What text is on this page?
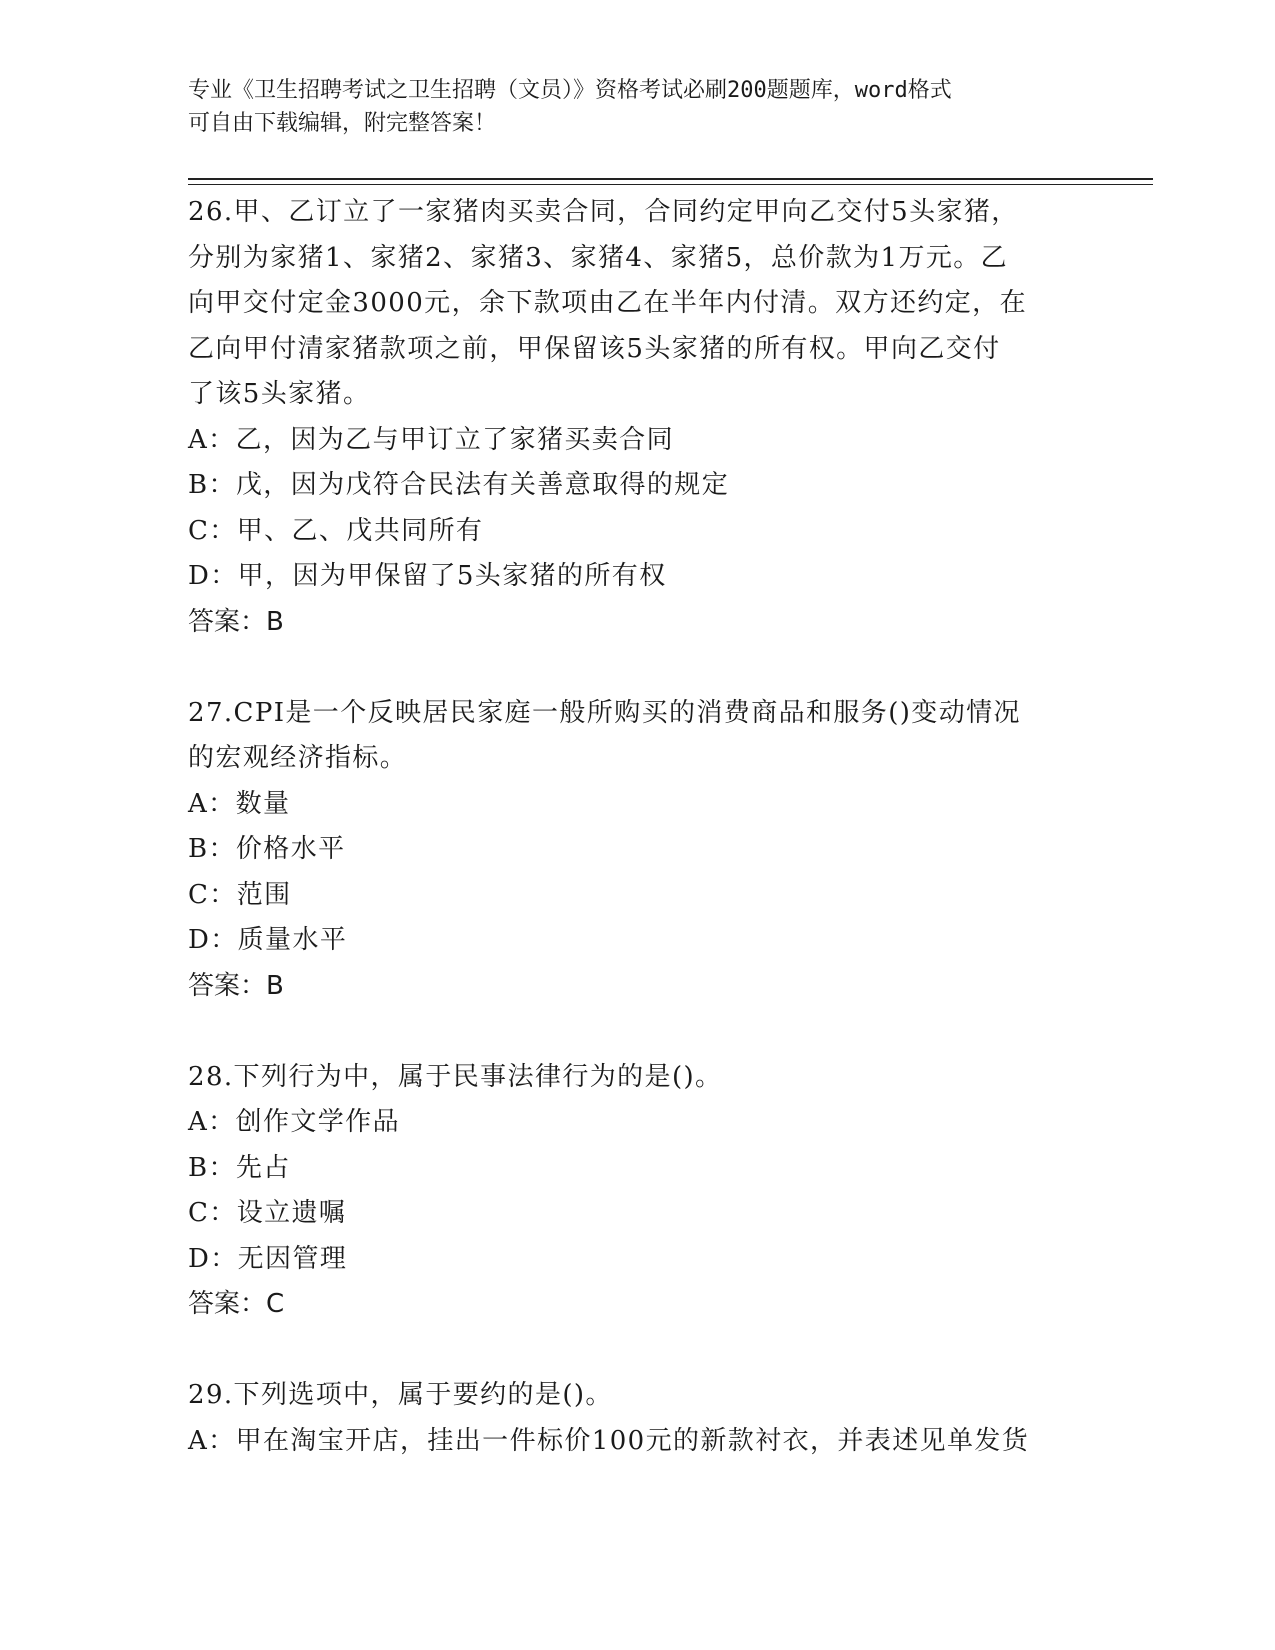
专业《卫生招聘考试之卫生招聘（文员）》资格考试必刷200题题库，word格式
可自由下载编辑，附完整答案！

26.甲、乙订立了一家猪肉买卖合同，合同约定甲向乙交付5头家猪，

分别为家猪1、家猪2、家猪3、家猪4、家猪5，总价款为1万元。乙

向甲交付定金3000元，余下款项由乙在半年内付清。双方还约定，在

乙向甲付清家猪款项之前，甲保留该5头家猪的所有权。甲向乙交付

了该5头家猪。

A：乙，因为乙与甲订立了家猪买卖合同

B：戊，因为戊符合民法有关善意取得的规定

C：甲、乙、戊共同所有

D：甲，因为甲保留了5头家猪的所有权

答案：B

27.CPI是一个反映居民家庭一般所购买的消费商品和服务()变动情况

的宏观经济指标。

A：数量

B：价格水平

C：范围

D：质量水平

答案：B

28.下列行为中，属于民事法律行为的是()。

A：创作文学作品

B：先占

C：设立遗嘱

D：无因管理

答案：C

29.下列选项中，属于要约的是()。

A：甲在淘宝开店，挂出一件标价100元的新款衬衣，并表述见单发货
